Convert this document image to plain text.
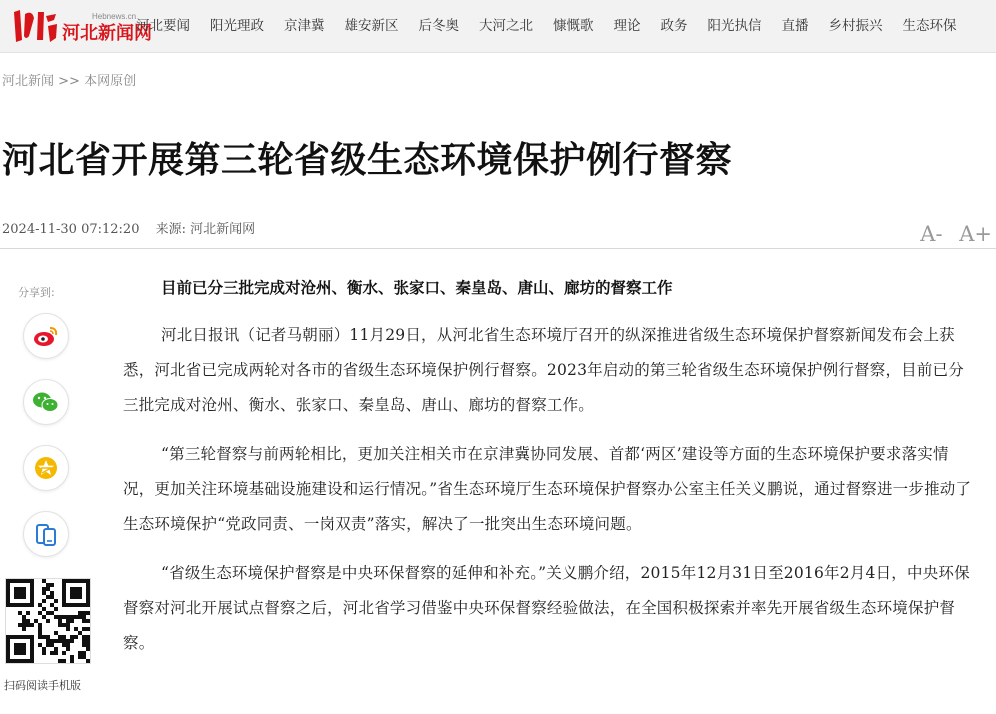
河北新闻网
Hebnews.cn
河北要闻	阳光理政	京津冀	雄安新区	后冬奥	大河之北	慷慨歌	理论	政务	阳光执信	直播	乡村振兴	生态环保
河北新闻 >> 本网原创
河北省开展第三轮省级生态环境保护例行督察
2024-11-30 07:12:20 来源: 河北新闻网	A- A+
分享到:
扫码阅读手机版

目前已分三批完成对沧州、衡水、张家口、秦皇岛、唐山、廊坊的督察工作

河北日报讯（记者马朝丽）11月29日，从河北省生态环境厅召开的纵深推进省级生态环境保护督察新闻发布会上获悉，河北省已完成两轮对各市的省级生态环境保护例行督察。2023年启动的第三轮省级生态环境保护例行督察，目前已分三批完成对沧州、衡水、张家口、秦皇岛、唐山、廊坊的督察工作。

“第三轮督察与前两轮相比，更加关注相关市在京津冀协同发展、首都‘两区’建设等方面的生态环境保护要求落实情况，更加关注环境基础设施建设和运行情况。”省生态环境厅生态环境保护督察办公室主任关义鹏说，通过督察进一步推动了生态环境保护“党政同责、一岗双责”落实，解决了一批突出生态环境问题。

“省级生态环境保护督察是中央环保督察的延伸和补充。”关义鹏介绍，2015年12月31日至2016年2月4日，中央环保督察对河北开展试点督察之后，河北省学习借鉴中央环保督察经验做法，在全国积极探索并率先开展省级生态环境保护督察。
